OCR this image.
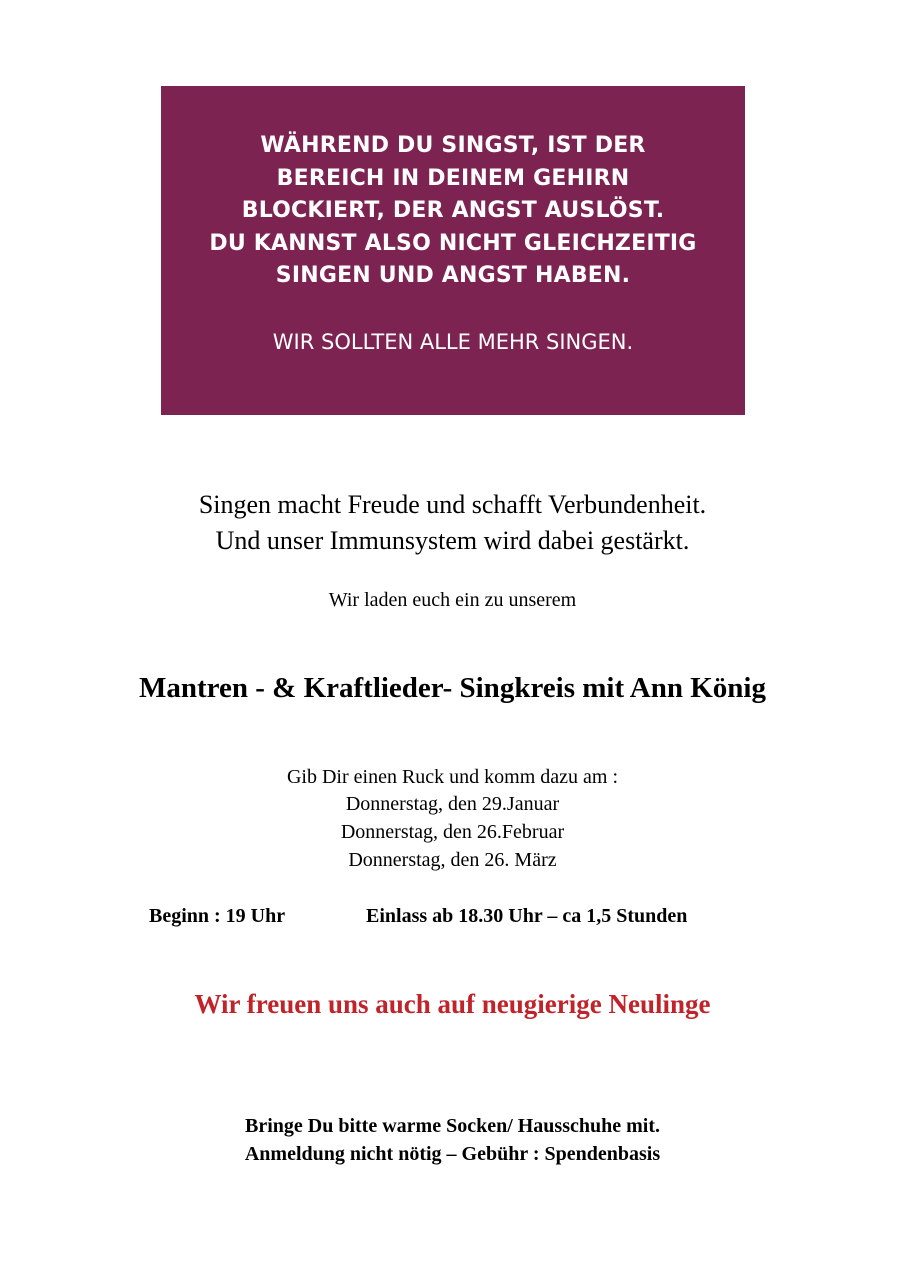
WÄHREND DU SINGST, IST DER
BEREICH IN DEINEM GEHIRN
BLOCKIERT, DER ANGST AUSLÖST.
DU KANNST ALSO NICHT GLEICHZEITIG
SINGEN UND ANGST HABEN.

WIR SOLLTEN ALLE MEHR SINGEN.

Singen macht Freude und schafft Verbundenheit.

Und unser Immunsystem wird dabei gestärkt.

Wir laden euch ein zu unserem

Mantren - & Kraftlieder- Singkreis mit Ann König

Gib Dir einen Ruck und komm dazu am :

Donnerstag, den 29.Januar

Donnerstag, den 26.Februar

Donnerstag, den 26. März

Beginn : 19 Uhr	Einlass ab 18.30 Uhr – ca 1,5 Stunden

Wir freuen uns auch auf neugierige Neulinge

Bringe Du bitte warme Socken/ Hausschuhe mit.

Anmeldung nicht nötig – Gebühr : Spendenbasis
